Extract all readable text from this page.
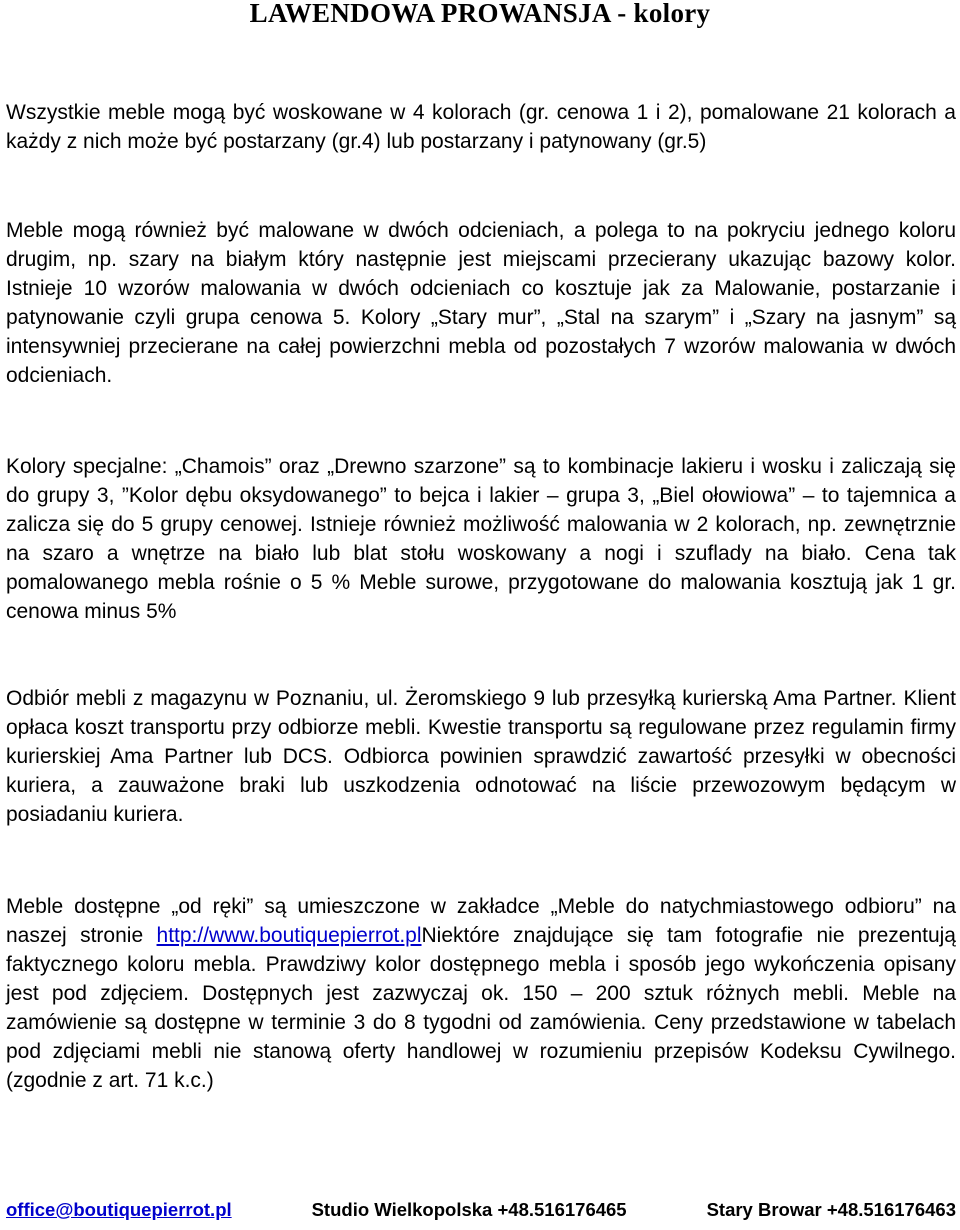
LAWENDOWA PROWANSJA - kolory
Wszystkie meble mogą być woskowane w 4 kolorach (gr. cenowa 1 i 2), pomalowane 21 kolorach a każdy z nich może być postarzany (gr.4) lub postarzany i patynowany (gr.5)
Meble mogą również być malowane w dwóch odcieniach, a polega to na pokryciu jednego koloru drugim, np. szary na białym który następnie jest miejscami przecierany ukazując bazowy kolor. Istnieje 10 wzorów malowania w dwóch odcieniach co kosztuje jak za Malowanie, postarzanie i patynowanie czyli grupa cenowa 5. Kolory „Stary mur”, „Stal na szarym” i „Szary na jasnym” są intensywniej przecierane na całej powierzchni mebla od pozostałych 7 wzorów malowania w dwóch odcieniach.
Kolory specjalne: „Chamois” oraz „Drewno szarzone” są to kombinacje lakieru i wosku i zaliczają się do grupy 3, ”Kolor dębu oksydowanego” to bejca i lakier – grupa 3, „Biel ołowiowa” – to tajemnica a zalicza się do 5 grupy cenowej. Istnieje również możliwość malowania w 2 kolorach, np. zewnętrznie na szaro a wnętrze na biało lub blat stołu woskowany a nogi i szuflady na biało. Cena tak pomalowanego mebla rośnie o 5 % Meble surowe, przygotowane do malowania kosztują jak 1 gr. cenowa minus 5%
Odbiór mebli z magazynu w Poznaniu, ul. Żeromskiego 9 lub przesyłką kurierską Ama Partner. Klient opłaca koszt transportu przy odbiorze mebli. Kwestie transportu są regulowane przez regulamin firmy kurierskiej Ama Partner lub DCS. Odbiorca powinien sprawdzić zawartość przesyłki w obecności kuriera, a zauważone braki lub uszkodzenia odnotować na liście przewozowym będącym w posiadaniu kuriera.
Meble dostępne „od ręki” są umieszczone w zakładce „Meble do natychmiastowego odbioru” na naszej stronie http://www.boutiquepierrot.plNiektóre znajdujące się tam fotografie nie prezentują faktycznego koloru mebla. Prawdziwy kolor dostępnego mebla i sposób jego wykończenia opisany jest pod zdjęciem. Dostępnych jest zazwyczaj ok. 150 – 200 sztuk różnych mebli. Meble na zamówienie są dostępne w terminie 3 do 8 tygodni od zamówienia. Ceny przedstawione w tabelach pod zdjęciami mebli nie stanową oferty handlowej w rozumieniu przepisów Kodeksu Cywilnego. (zgodnie z art. 71 k.c.)
office@boutiquepierrot.pl	Studio Wielkopolska +48.516176465	Stary Browar +48.516176463
